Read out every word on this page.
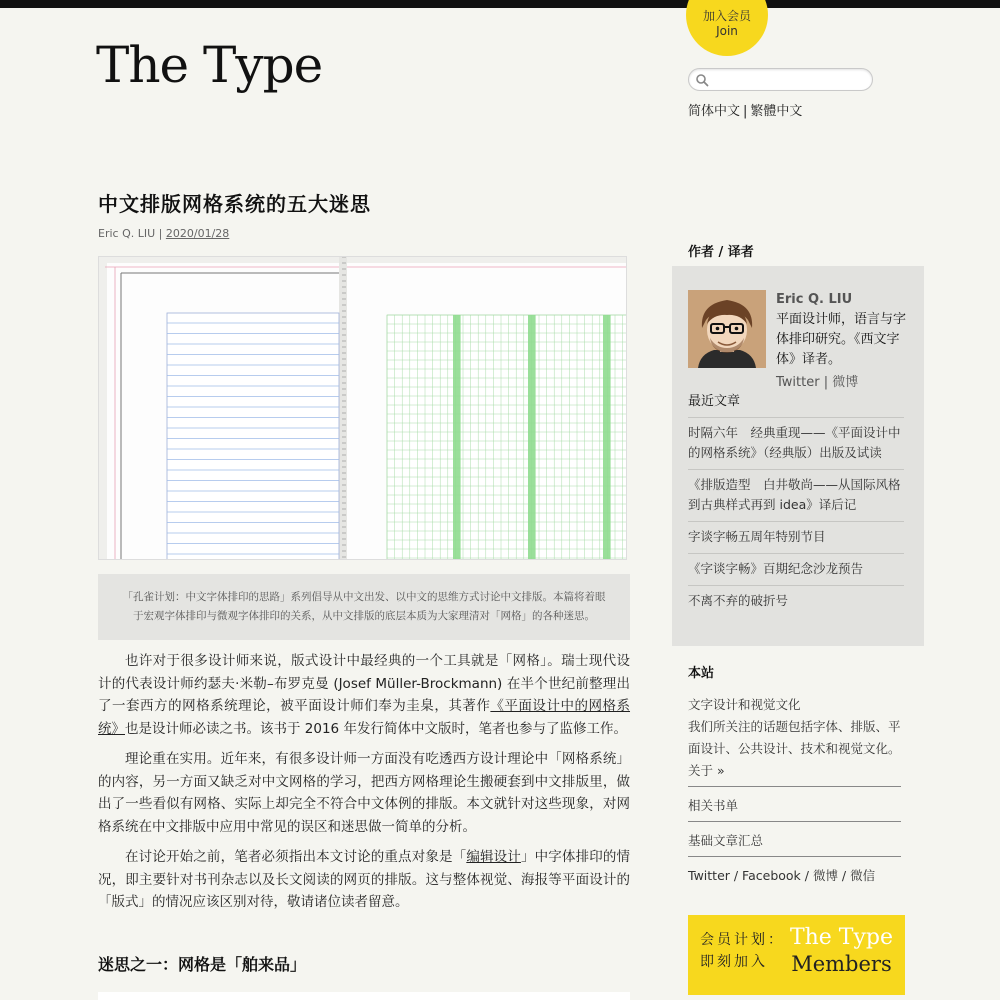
The Type
加入会员
Join
简体中文 | 繁體中文
中文排版网格系统的五大迷思
Eric Q. LIU | 2020/01/28
「孔雀计划：中文字体排印的思路」系列倡导从中文出发、以中文的思维方式讨论中文排版。本篇将着眼于宏观字体排印与微观字体排印的关系，从中文排版的底层本质为大家理清对「网格」的各种迷思。

也许对于很多设计师来说，版式设计中最经典的一个工具就是「网格」。瑞士现代设计的代表设计师约瑟夫·米勒–布罗克曼 (Josef Müller-Brockmann) 在半个世纪前整理出了一套西方的网格系统理论，被平面设计师们奉为圭臬，其著作《平面设计中的网格系统》也是设计师必读之书。该书于 2016 年发行简体中文版时，笔者也参与了监修工作。

理论重在实用。近年来，有很多设计师一方面没有吃透西方设计理论中「网格系统」的内容，另一方面又缺乏对中文网格的学习，把西方网格理论生搬硬套到中文排版里，做出了一些看似有网格、实际上却完全不符合中文体例的排版。本文就针对这些现象，对网格系统在中文排版中应用中常见的误区和迷思做一简单的分析。

在讨论开始之前，笔者必须指出本文讨论的重点对象是「编辑设计」中字体排印的情况，即主要针对书刊杂志以及长文阅读的网页的排版。这与整体视觉、海报等平面设计的「版式」的情况应该区别对待，敬请诸位读者留意。

迷思之一：网格是「舶来品」
作者 / 译者
Eric Q. LIU
平面设计师，语言与字体排印研究。《西文字体》译者。
Twitter | 微博
最近文章
时隔六年　经典重现——《平面设计中的网格系统》（经典版）出版及试读
《排版造型　白井敬尚——从国际风格到古典样式再到 idea》译后记
字谈字畅五周年特别节目
《字谈字畅》百期纪念沙龙预告
不离不弃的破折号
本站
文字设计和视觉文化
我们所关注的话题包括字体、排版、平面设计、公共设计、技术和视觉文化。关于 »
相关书单
基础文章汇总
Twitter / Facebook / 微博 / 微信
会员计划：即刻加入
The Type
Members
